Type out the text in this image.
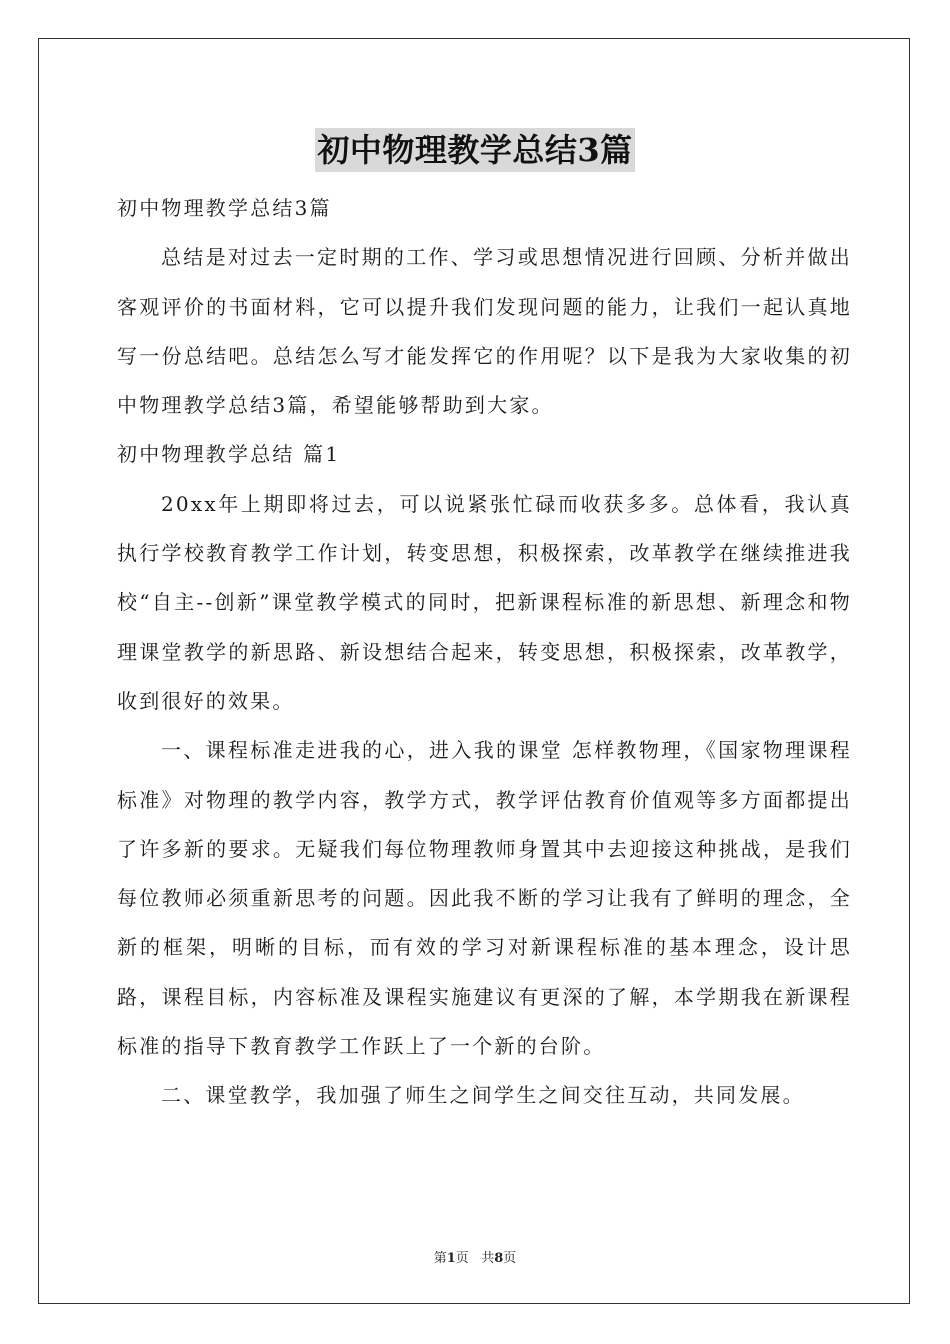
初中物理教学总结3篇

初中物理教学总结3篇

总结是对过去一定时期的工作、学习或思想情况进行回顾、分析并做出客观评价的书面材料，它可以提升我们发现问题的能力，让我们一起认真地写一份总结吧。总结怎么写才能发挥它的作用呢？以下是我为大家收集的初中物理教学总结3篇，希望能够帮助到大家。

初中物理教学总结 篇1

20xx年上期即将过去，可以说紧张忙碌而收获多多。总体看，我认真执行学校教育教学工作计划，转变思想，积极探索，改革教学在继续推进我校“自主--创新”课堂教学模式的同时，把新课程标准的新思想、新理念和物理课堂教学的新思路、新设想结合起来，转变思想，积极探索，改革教学，收到很好的效果。

一、课程标准走进我的心，进入我的课堂 怎样教物理，《国家物理课程标准》对物理的教学内容，教学方式，教学评估教育价值观等多方面都提出了许多新的要求。无疑我们每位物理教师身置其中去迎接这种挑战，是我们每位教师必须重新思考的问题。因此我不断的学习让我有了鲜明的理念，全新的框架，明晰的目标，而有效的学习对新课程标准的基本理念，设计思路，课程目标，内容标准及课程实施建议有更深的了解，本学期我在新课程标准的指导下教育教学工作跃上了一个新的台阶。

二、课堂教学，我加强了师生之间学生之间交往互动，共同发展。

第1页 共8页
